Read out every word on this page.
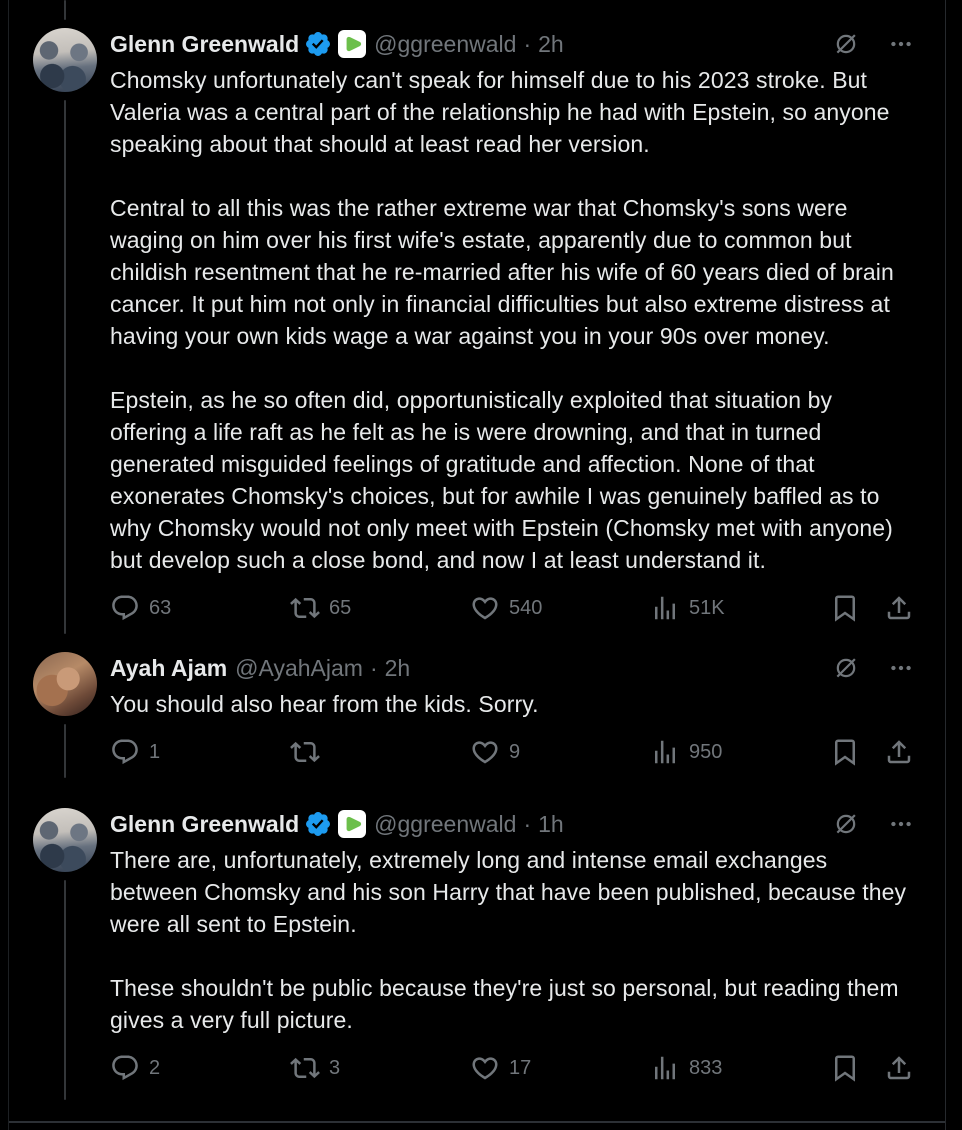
Glenn Greenwald	@ggreenwald · 2h

Chomsky unfortunately can't speak for himself due to his 2023 stroke. But Valeria was a central part of the relationship he had with Epstein, so anyone speaking about that should at least read her version.

Central to all this was the rather extreme war that Chomsky's sons were waging on him over his first wife's estate, apparently due to common but childish resentment that he re-married after his wife of 60 years died of brain cancer. It put him not only in financial difficulties but also extreme distress at having your own kids wage a war against you in your 90s over money.

Epstein, as he so often did, opportunistically exploited that situation by offering a life raft as he felt as he is were drowning, and that in turned generated misguided feelings of gratitude and affection. None of that exonerates Chomsky's choices, but for awhile I was genuinely baffled as to why Chomsky would not only meet with Epstein (Chomsky met with anyone) but develop such a close bond, and now I at least understand it.

63	65	540	51K
Ayah Ajam @AyahAjam · 2h

You should also hear from the kids. Sorry.

1	9	950
Glenn Greenwald	@ggreenwald · 1h

There are, unfortunately, extremely long and intense email exchanges between Chomsky and his son Harry that have been published, because they were all sent to Epstein.

These shouldn't be public because they're just so personal, but reading them gives a very full picture.

2	3	17	833
